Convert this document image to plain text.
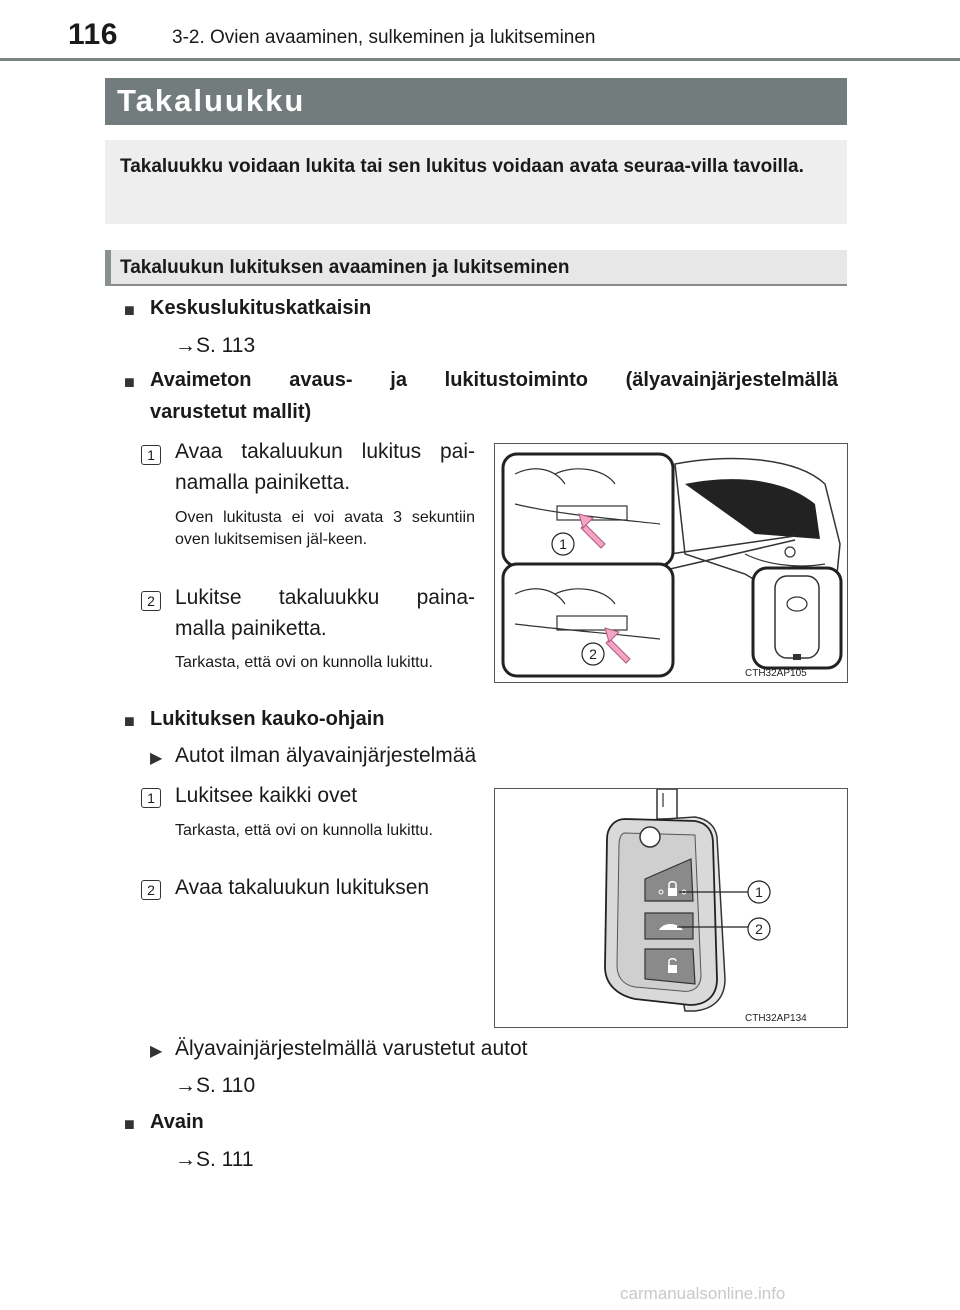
116	3-2. Ovien avaaminen, sulkeminen ja lukitseminen
Takaluukku
Takaluukku voidaan lukita tai sen lukitus voidaan avata seuraa-villa tavoilla.
Takaluukun lukituksen avaaminen ja lukitseminen
■ Keskuslukituskatkaisin
→S. 113
■ Avaimeton avaus- ja lukitustoiminto (älyavainjärjestelmällä
varustetut mallit)
1 Avaa takaluukun lukitus pai-
namalla painiketta.
Oven lukitusta ei voi avata 3 sekuntiin oven lukitsemisen jäl-keen.
2 Lukitse takaluukku paina-
malla painiketta.
Tarkasta, että ovi on kunnolla lukittu.
1
2
CTH32AP105
■ Lukituksen kauko-ohjain
▶ Autot ilman älyavainjärjestelmää
1 Lukitsee kaikki ovet
Tarkasta, että ovi on kunnolla lukittu.
2 Avaa takaluukun lukituksen	1
2
CTH32AP134
▶ Älyavainjärjestelmällä varustetut autot
→S. 110
■ Avain
→S. 111
carmanualsonline.info
